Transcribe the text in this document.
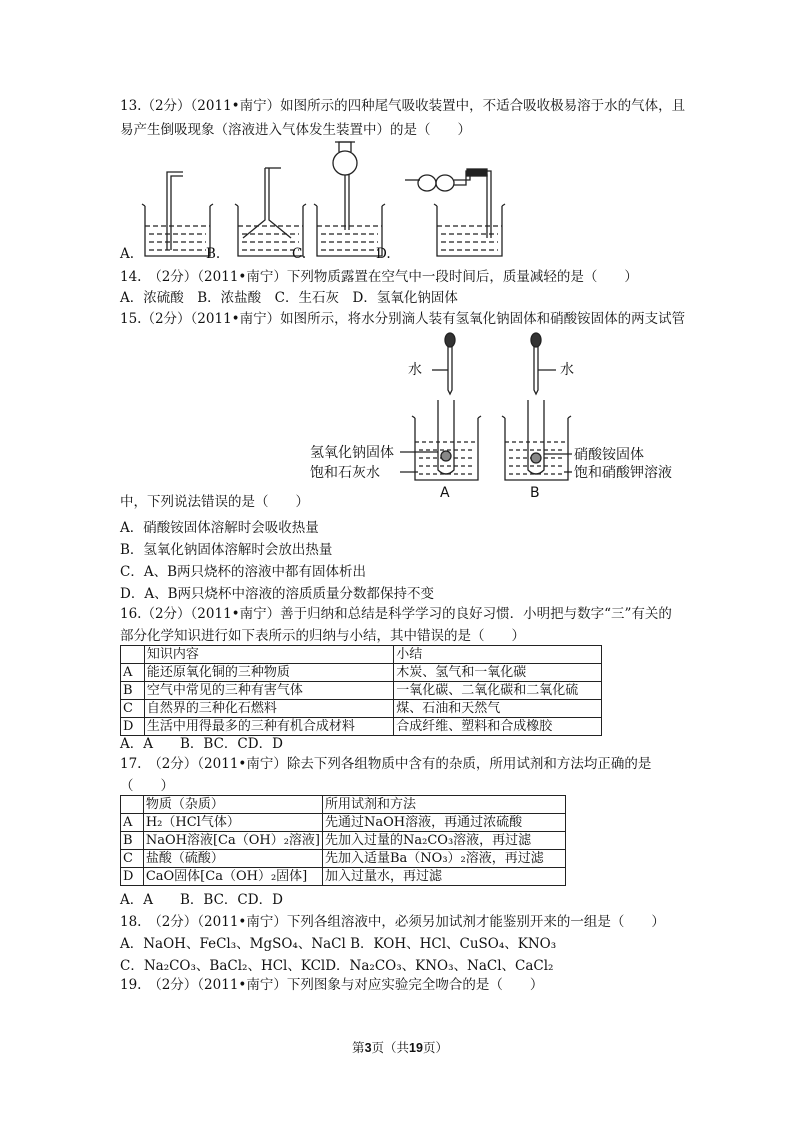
13.（2分）（2011•南宁）如图所示的四种尾气吸收装置中，不适合吸收极易溶于水的气体，且
易产生倒吸现象（溶液进入气体发生装置中）的是（　　）
A.	B.	C.	D.
14.　（2分）（2011•南宁）下列物质露置在空气中一段时间后，质量减轻的是（　　）
A．浓硫酸　B．浓盐酸　C．生石灰　D．氢氧化钠固体
15.（2分）（2011•南宁）如图所示，将水分别滴人装有氢氧化钠固体和硝酸铵固体的两支试管
水	水
氢氧化钠固体
饱和石灰水
硝酸铵固体
饱和硝酸钾溶液
A	B
中，下列说法错误的是（　　）
A．硝酸铵固体溶解时会吸收热量
B．氢氧化钠固体溶解时会放出热量
C．A、B两只烧杯的溶液中都有固体析出
D．A、B两只烧杯中溶液的溶质质量分数都保持不变
16.（2分）（2011•南宁）善于归纳和总结是科学学习的良好习惯．小明把与数字“三”有关的
部分化学知识进行如下表所示的归纳与小结，其中错误的是（　　）
	知识内容	小结
A	能还原氧化铜的三种物质	木炭、氢气和一氧化碳
B	空气中常见的三种有害气体	一氧化碳、二氧化碳和二氧化硫
C	自然界的三种化石燃料	煤、石油和天然气
D	生活中用得最多的三种有机合成材料	合成纤维、塑料和合成橡胶
A．A　　B．BC．CD．D
17.　（2分）（2011•南宁）除去下列各组物质中含有的杂质，所用试剂和方法均正确的是
（　　）
	物质（杂质）	所用试剂和方法
A	H₂（HCl气体）	先通过NaOH溶液，再通过浓硫酸
B	NaOH溶液[Ca（OH）₂溶液]	先加入过量的Na₂CO₃溶液，再过滤
C	盐酸（硫酸）	先加入适量Ba（NO₃）₂溶液，再过滤
D	CaO固体[Ca（OH）₂固体]	加入过量水，再过滤
A．A　　B．BC．CD．D
18.　（2分）（2011•南宁）下列各组溶液中，必须另加试剂才能鉴别开来的一组是（　　）
A．NaOH、FeCl₃、MgSO₄、NaCl B．KOH、HCl、CuSO₄、KNO₃
C．Na₂CO₃、BaCl₂、HCl、KClD．Na₂CO₃、KNO₃、NaCl、CaCl₂
19.　（2分）（2011•南宁）下列图象与对应实验完全吻合的是（　　）
第3页（共19页）
